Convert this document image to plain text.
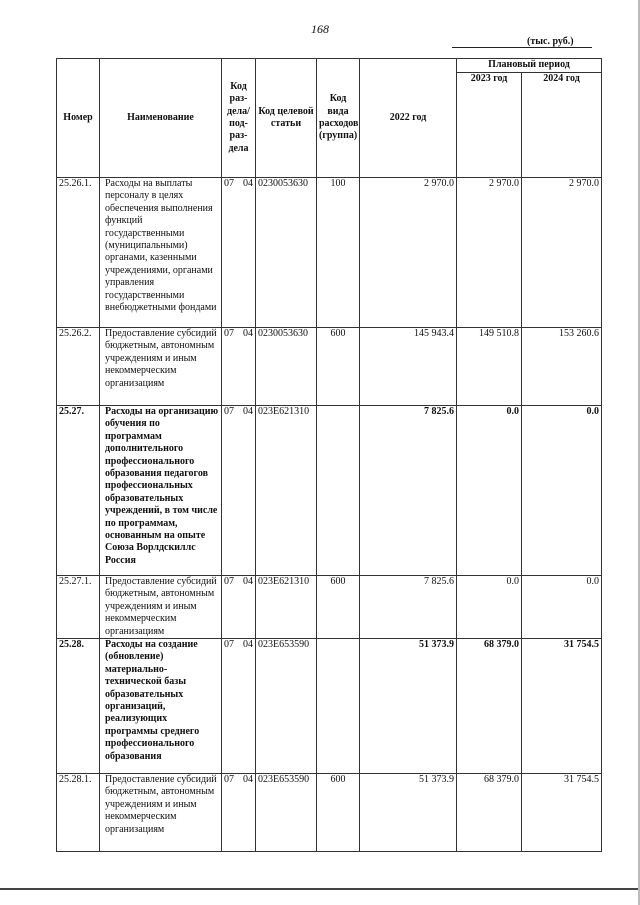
168
(тыс. руб.)
Номер	Наименование	Код раз-дела/ под-раз-дела	Код целевой статьи	Код вида расходов (группа)	2022 год	Плановый период	
						2023 год	2024 год
25.26.1.	Расходы на выплаты персоналу в целях обеспечения выполнения функций государственными (муниципальными) органами, казенными учреждениями, органами управления государственными внебюджетными фондами	07 04	0230053630	100	2 970.0	2 970.0	2 970.0
25.26.2.	Предоставление субсидий бюджетным, автономным учреждениям и иным некоммерческим организациям	07 04	0230053630	600	145 943.4	149 510.8	153 260.6
25.27.	Расходы на организацию обучения по программам дополнительного профессионального образования педагогов профессиональных образовательных учреждений, в том числе по программам, основанным на опыте Союза Ворлдскиллс Россия	07 04	023E621310		7 825.6	0.0	0.0
25.27.1.	Предоставление субсидий бюджетным, автономным учреждениям и иным некоммерческим организациям	07 04	023E621310	600	7 825.6	0.0	0.0
25.28.	Расходы на создание (обновление) материально-технической базы образовательных организаций, реализующих программы среднего профессионального образования	07 04	023E653590		51 373.9	68 379.0	31 754.5
25.28.1.	Предоставление субсидий бюджетным, автономным учреждениям и иным некоммерческим организациям	07 04	023E653590	600	51 373.9	68 379.0	31 754.5
